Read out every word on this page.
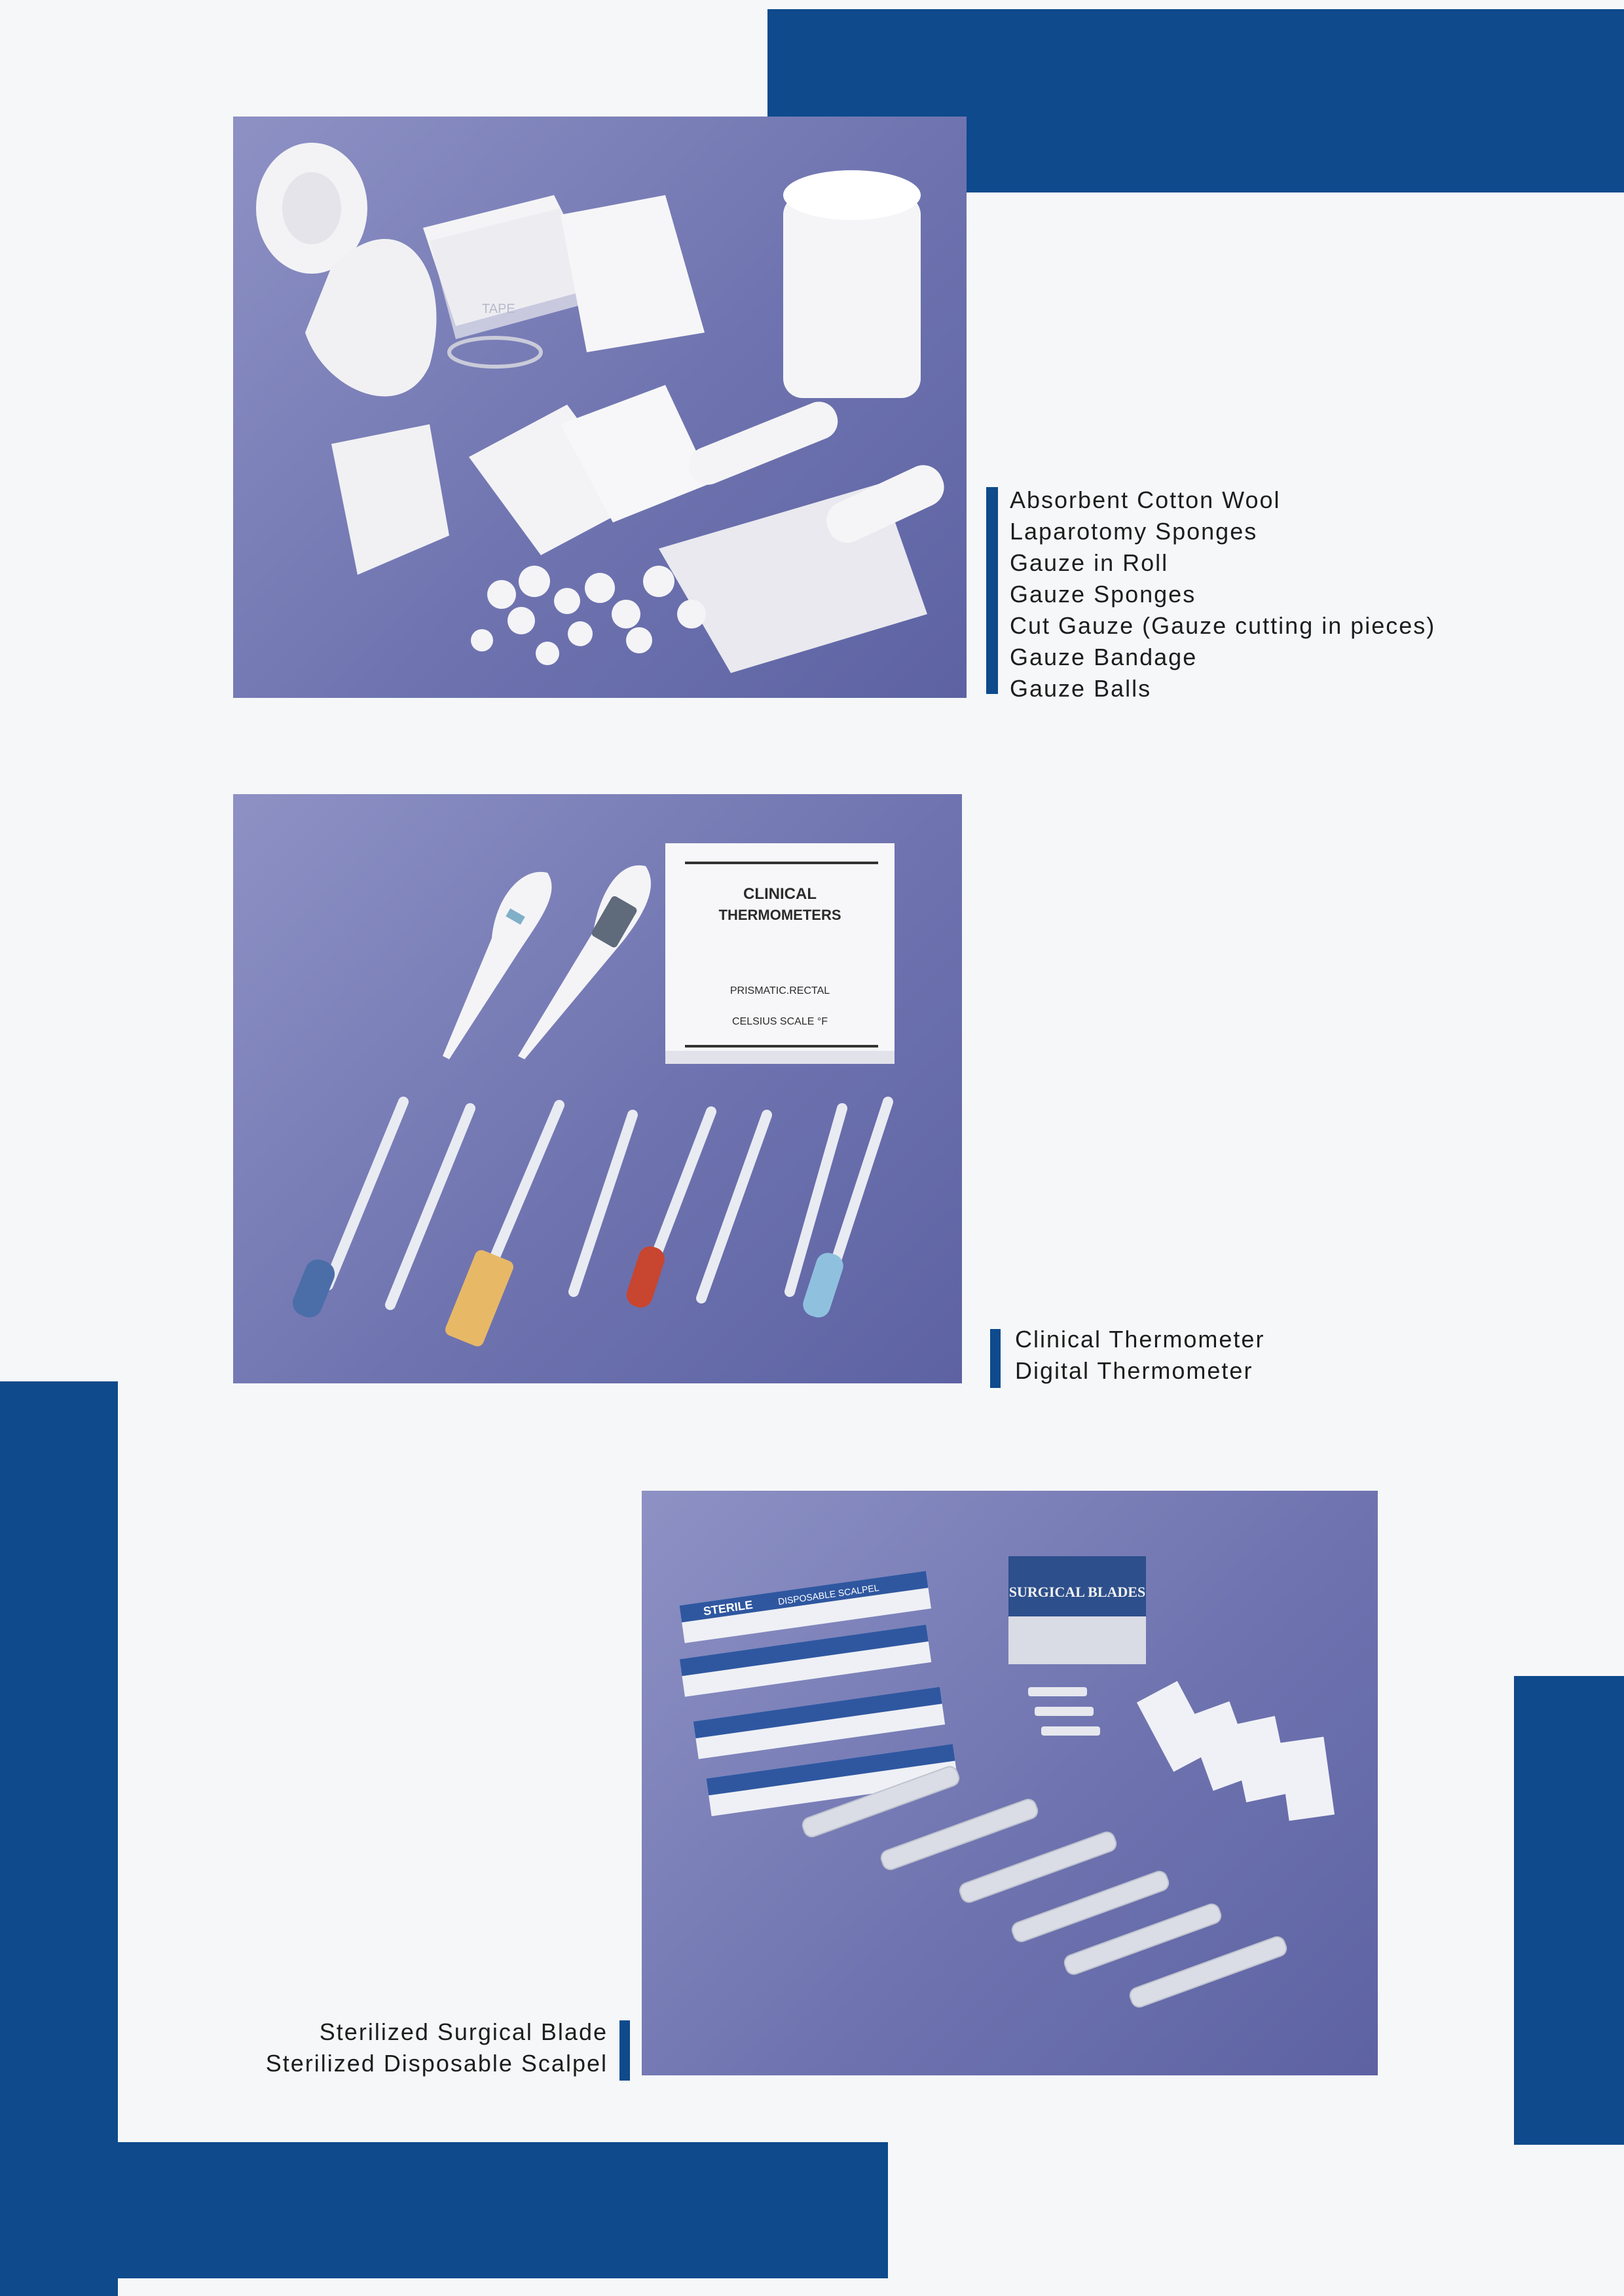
TAPE
Absorbent Cotton Wool
Laparotomy Sponges
Gauze in Roll
Gauze Sponges
Cut Gauze (Gauze cutting in pieces)
Gauze Bandage
Gauze Balls
CLINICAL
THERMOMETERS
PRISMATIC.RECTAL
CELSIUS SCALE °F
Clinical Thermometer
Digital Thermometer
STERILE
DISPOSABLE SCALPEL	SURGICAL BLADES
Sterilized Surgical Blade
Sterilized Disposable Scalpel
